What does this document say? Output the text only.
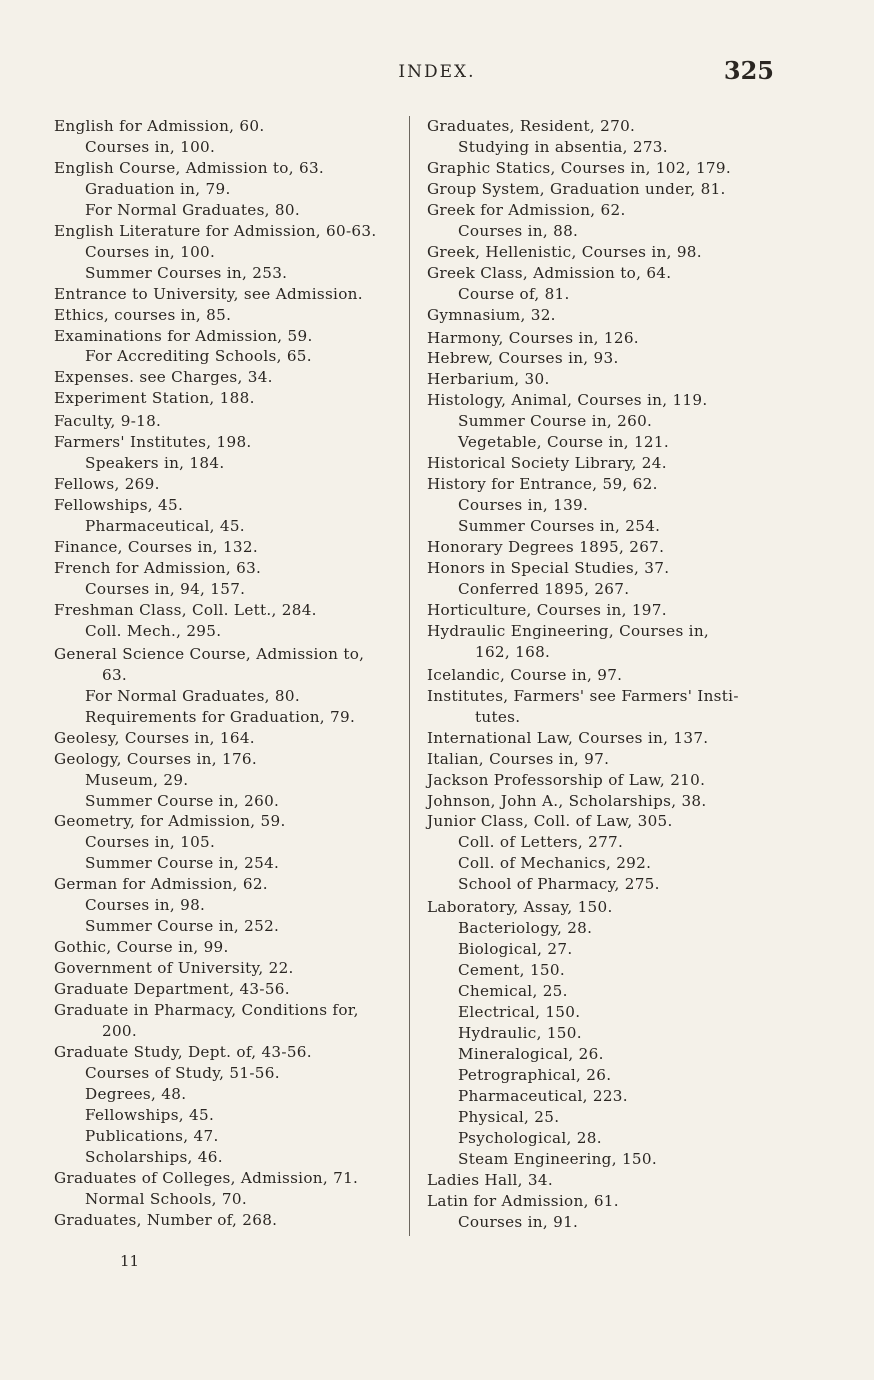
INDEX.	325
English for Admission, 60.
Courses in, 100.
English Course, Admission to, 63.
Graduation in, 79.
For Normal Graduates, 80.
English Literature for Admission, 60-63.
Courses in, 100.
Summer Courses in, 253.
Entrance to University, see Admission.
Ethics, courses in, 85.
Examinations for Admission, 59.
For Accrediting Schools, 65.
Expenses. see Charges, 34.
Experiment Station, 188.
Faculty, 9-18.
Farmers' Institutes, 198.
Speakers in, 184.
Fellows, 269.
Fellowships, 45.
Pharmaceutical, 45.
Finance, Courses in, 132.
French for Admission, 63.
Courses in, 94, 157.
Freshman Class, Coll. Lett., 284.
Coll. Mech., 295.
General Science Course, Admission to,
63.
For Normal Graduates, 80.
Requirements for Graduation, 79.
Geolesy, Courses in, 164.
Geology, Courses in, 176.
Museum, 29.
Summer Course in, 260.
Geometry, for Admission, 59.
Courses in, 105.
Summer Course in, 254.
German for Admission, 62.
Courses in, 98.
Summer Course in, 252.
Gothic, Course in, 99.
Government of University, 22.
Graduate Department, 43-56.
Graduate in Pharmacy, Conditions for,
200.
Graduate Study, Dept. of, 43-56.
Courses of Study, 51-56.
Degrees, 48.
Fellowships, 45.
Publications, 47.
Scholarships, 46.
Graduates of Colleges, Admission, 71.
Normal Schools, 70.
Graduates, Number of, 268.
Graduates, Resident, 270.
Studying in absentia, 273.
Graphic Statics, Courses in, 102, 179.
Group System, Graduation under, 81.
Greek for Admission, 62.
Courses in, 88.
Greek, Hellenistic, Courses in, 98.
Greek Class, Admission to, 64.
Course of, 81.
Gymnasium, 32.
Harmony, Courses in, 126.
Hebrew, Courses in, 93.
Herbarium, 30.
Histology, Animal, Courses in, 119.
Summer Course in, 260.
Vegetable, Course in, 121.
Historical Society Library, 24.
History for Entrance, 59, 62.
Courses in, 139.
Summer Courses in, 254.
Honorary Degrees 1895, 267.
Honors in Special Studies, 37.
Conferred 1895, 267.
Horticulture, Courses in, 197.
Hydraulic Engineering, Courses in,
162, 168.
Icelandic, Course in, 97.
Institutes, Farmers' see Farmers' Insti-
tutes.
International Law, Courses in, 137.
Italian, Courses in, 97.
Jackson Professorship of Law, 210.
Johnson, John A., Scholarships, 38.
Junior Class, Coll. of Law, 305.
Coll. of Letters, 277.
Coll. of Mechanics, 292.
School of Pharmacy, 275.
Laboratory, Assay, 150.
Bacteriology, 28.
Biological, 27.
Cement, 150.
Chemical, 25.
Electrical, 150.
Hydraulic, 150.
Mineralogical, 26.
Petrographical, 26.
Pharmaceutical, 223.
Physical, 25.
Psychological, 28.
Steam Engineering, 150.
Ladies Hall, 34.
Latin for Admission, 61.
Courses in, 91.
11
